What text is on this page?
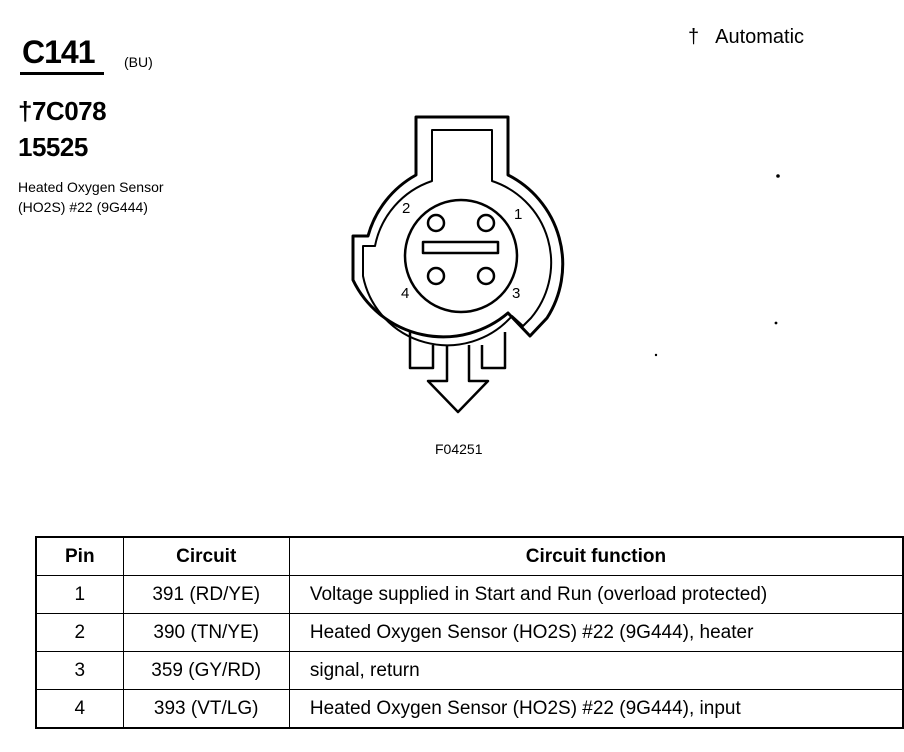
C141 (BU)
†7C078
15525
Heated Oxygen Sensor
(HO2S) #22 (9G444)
† Automatic
1
2
3
4
F04251
Pin	Circuit	Circuit function
1	391 (RD/YE)	Voltage supplied in Start and Run (overload protected)
2	390 (TN/YE)	Heated Oxygen Sensor (HO2S) #22 (9G444), heater
3	359 (GY/RD)	signal, return
4	393 (VT/LG)	Heated Oxygen Sensor (HO2S) #22 (9G444), input
